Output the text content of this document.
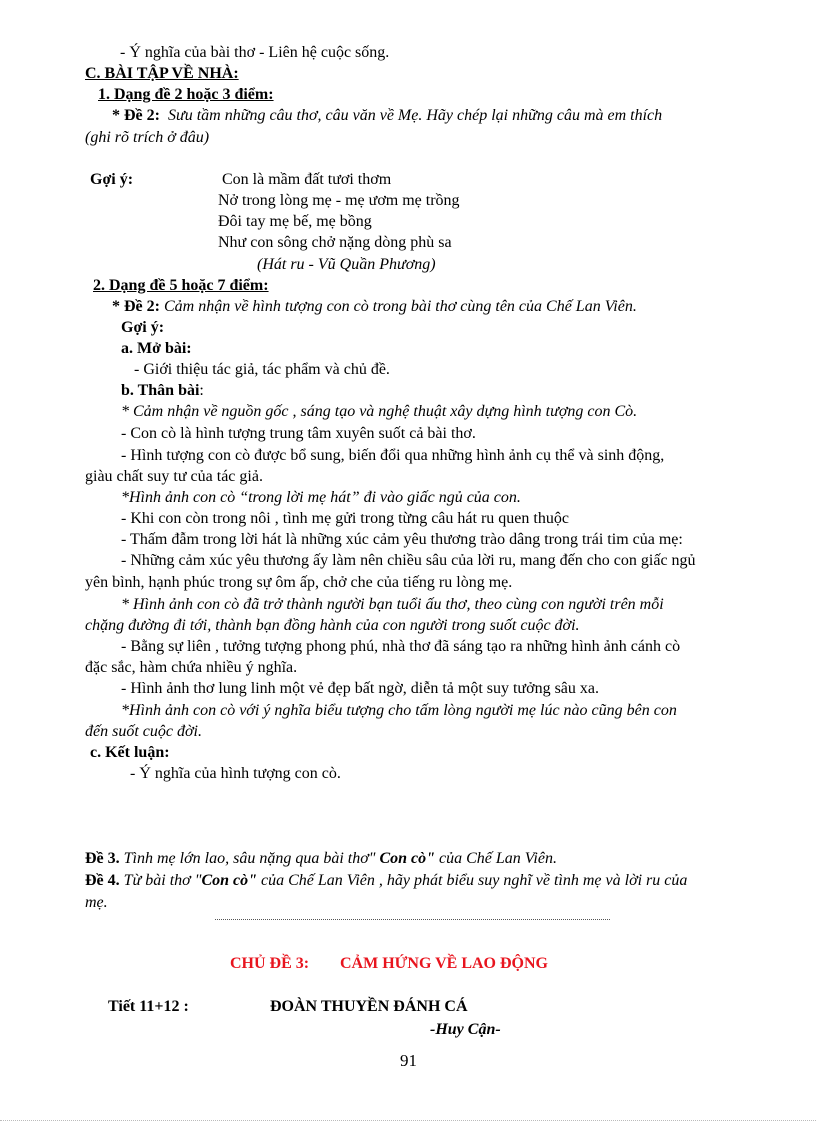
- Ý nghĩa của bài thơ - Liên hệ cuộc sống.
C. BÀI TẬP VỀ NHÀ:
1. Dạng đề 2 hoặc 3 điểm:
* Đề 2: Sưu tầm những câu thơ, câu văn về Mẹ. Hãy chép lại những câu mà em thích
(ghi rõ trích ở đâu)
Gợi ý:	Con là mầm đất tươi thơm
Nở trong lòng mẹ - mẹ ươm mẹ trồng
Đôi tay mẹ bế, mẹ bồng
Như con sông chở nặng dòng phù sa
(Hát ru - Vũ Quần Phương)
2. Dạng đề 5 hoặc 7 điểm:
* Đề 2: Cảm nhận về hình tượng con cò trong bài thơ cùng tên của Chế Lan Viên.
Gợi ý:
a. Mở bài:
- Giới thiệu tác giả, tác phẩm và chủ đề.
b. Thân bài:
* Cảm nhận về nguồn gốc , sáng tạo và nghệ thuật xây dựng hình tượng con Cò.
- Con cò là hình tượng trung tâm xuyên suốt cả bài thơ.
- Hình tượng con cò được bổ sung, biến đổi qua những hình ảnh cụ thể và sinh động,
giàu chất suy tư của tác giả.
*Hình ảnh con cò “trong lời mẹ hát” đi vào giấc ngủ của con.
- Khi con còn trong nôi , tình mẹ gửi trong từng câu hát ru quen thuộc
- Thấm đẫm trong lời hát là những xúc cảm yêu thương trào dâng trong trái tim của mẹ:
- Những cảm xúc yêu thương ấy làm nên chiều sâu của lời ru, mang đến cho con giấc ngủ
yên bình, hạnh phúc trong sự ôm ấp, chở che của tiếng ru lòng mẹ.
* Hình ảnh con cò đã trở thành người bạn tuổi ấu thơ, theo cùng con người trên mỗi
chặng đường đi tới, thành bạn đồng hành của con người trong suốt cuộc đời.
- Bằng sự liên , tưởng tượng phong phú, nhà thơ đã sáng tạo ra những hình ảnh cánh cò
đặc sắc, hàm chứa nhiều ý nghĩa.
- Hình ảnh thơ lung linh một vẻ đẹp bất ngờ, diễn tả một suy tưởng sâu xa.
*Hình ảnh con cò với ý nghĩa biểu tượng cho tấm lòng người mẹ lúc nào cũng bên con
đến suốt cuộc đời.
c. Kết luận:
- Ý nghĩa của hình tượng con cò.
Đề 3. Tình mẹ lớn lao, sâu nặng qua bài thơ" Con cò" của Chế Lan Viên.
Đề 4. Từ bài thơ "Con cò" của Chế Lan Viên , hãy phát biểu suy nghĩ về tình mẹ và lời ru của
mẹ.
CHỦ ĐỀ 3: CẢM HỨNG VỀ LAO ĐỘNG
Tiết 11+12 :	ĐOÀN THUYỀN ĐÁNH CÁ
-Huy Cận-
91
